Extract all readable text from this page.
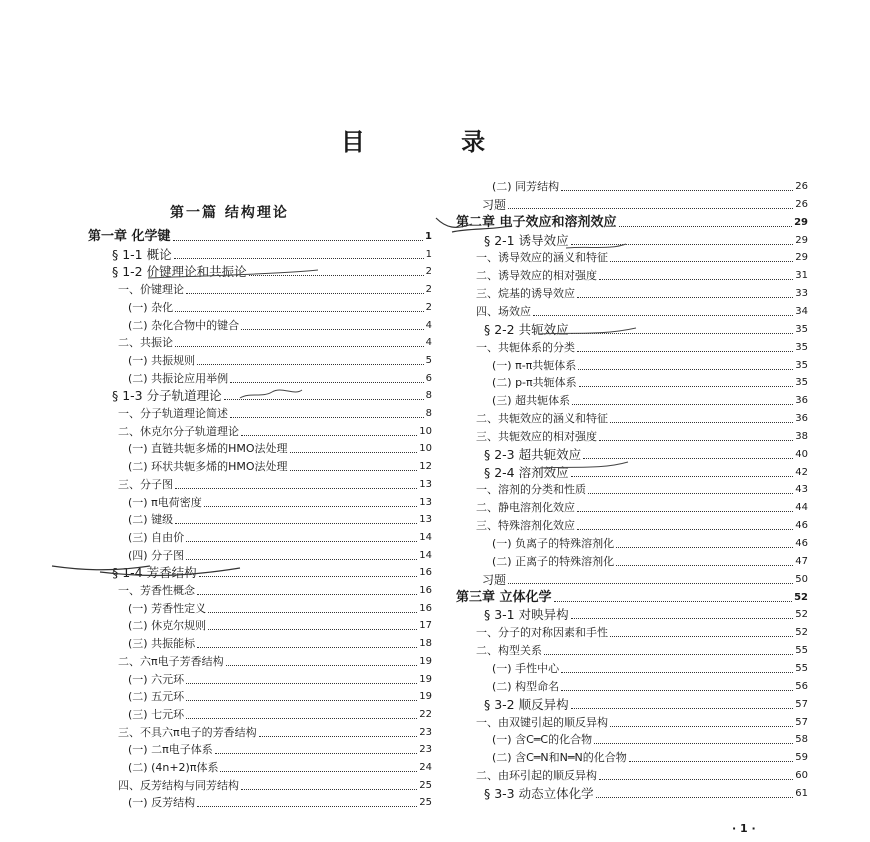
目 录
第一篇 结构理论
第一章 化学键	1
§ 1-1 概论	1
§ 1-2 价键理论和共振论	2
一、价键理论	2
(一) 杂化	2
(二) 杂化合物中的键合	4
二、共振论	4
(一) 共振规则	5
(二) 共振论应用举例	6
§ 1-3 分子轨道理论	8
一、分子轨道理论简述	8
二、休克尔分子轨道理论	10
(一) 直链共轭多烯的HMO法处理	10
(二) 环状共轭多烯的HMO法处理	12
三、分子图	13
(一) π电荷密度	13
(二) 键级	13
(三) 自由价	14
(四) 分子图	14
§ 1-4 芳香结构	16
一、芳香性概念	16
(一) 芳香性定义	16
(二) 休克尔规则	17
(三) 共振能标	18
二、六π电子芳香结构	19
(一) 六元环	19
(二) 五元环	19
(三) 七元环	22
三、不具六π电子的芳香结构	23
(一) 二π电子体系	23
(二) (4n+2)π体系	24
四、反芳结构与同芳结构	25
(一) 反芳结构	25
(二) 同芳结构	26
习题	26
第二章 电子效应和溶剂效应	29
§ 2-1 诱导效应	29
一、诱导效应的涵义和特征	29
二、诱导效应的相对强度	31
三、烷基的诱导效应	33
四、场效应	34
§ 2-2 共轭效应	35
一、共轭体系的分类	35
(一) π-π共轭体系	35
(二) p-π共轭体系	35
(三) 超共轭体系	36
二、共轭效应的涵义和特征	36
三、共轭效应的相对强度	38
§ 2-3 超共轭效应	40
§ 2-4 溶剂效应	42
一、溶剂的分类和性质	43
二、静电溶剂化效应	44
三、特殊溶剂化效应	46
(一) 负离子的特殊溶剂化	46
(二) 正离子的特殊溶剂化	47
习题	50
第三章 立体化学	52
§ 3-1 对映异构	52
一、分子的对称因素和手性	52
二、构型关系	55
(一) 手性中心	55
(二) 构型命名	56
§ 3-2 顺反异构	57
一、由双键引起的顺反异构	57
(一) 含C═C的化合物	58
(二) 含C═N和N═N的化合物	59
二、由环引起的顺反异构	60
§ 3-3 动态立体化学	61
· 1 ·
